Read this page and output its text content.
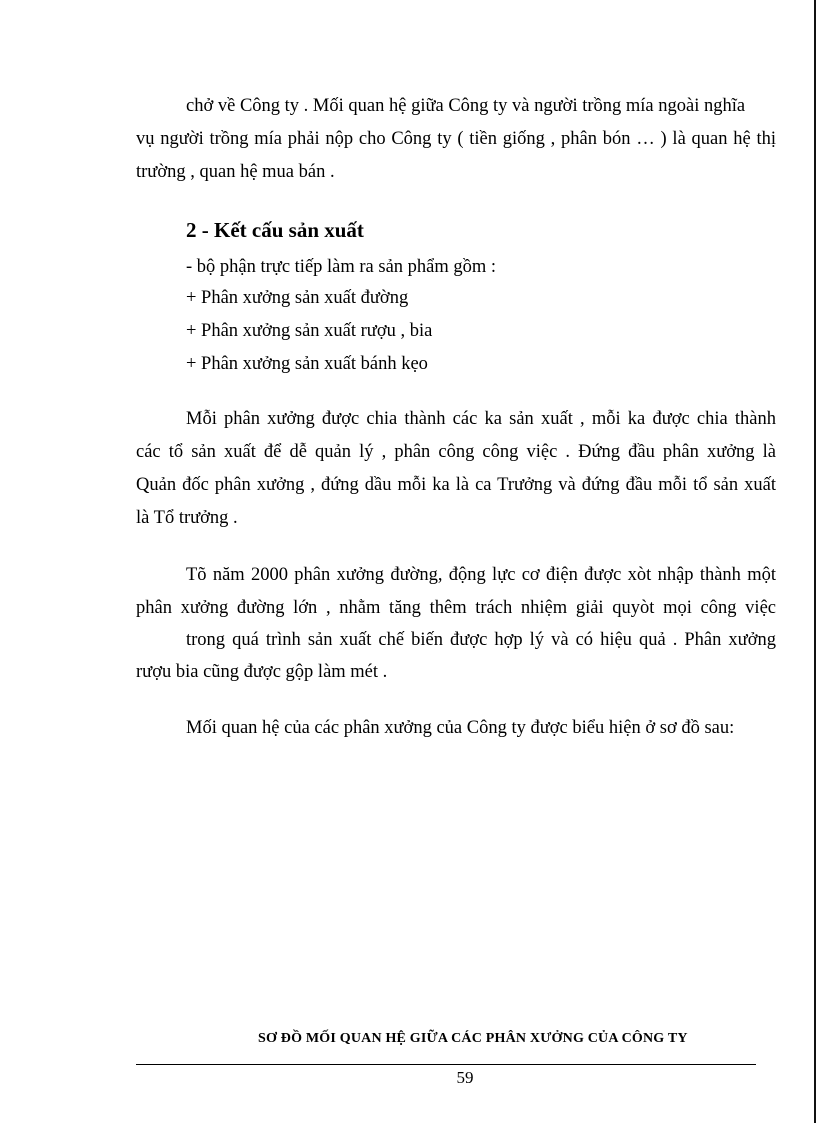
chở về Công ty . Mối quan hệ giữa Công ty và người trồng mía ngoài nghĩa
vụ người trồng mía phải nộp cho Công ty ( tiền giống , phân bón … ) là quan hệ thị
trường , quan hệ mua bán .
2 - Kết cấu sản xuất
- bộ phận trực tiếp làm ra sản phẩm gồm :
+ Phân xưởng sản xuất đường
+ Phân xưởng sản xuất rượu , bia
+ Phân xưởng sản xuất bánh kẹo
Mỗi phân xưởng được chia thành các ka sản xuất , mỗi ka được chia thành
các tổ sản xuất để dễ quản lý , phân công công việc . Đứng đầu phân xưởng là
Quản đốc phân xưởng , đứng dầu mỗi ka là ca Trưởng và đứng đầu mỗi tổ sản xuất
là Tổ trưởng .
Tõ năm 2000 phân xưởng đường, động lực cơ điện được xòt nhập thành một
phân xưởng đường lớn , nhằm tăng thêm trách nhiệm giải quyòt mọi công việc
trong quá trình sản xuất chế biến được hợp lý và có hiệu quả . Phân xưởng
rượu bia cũng được gộp làm mét .
Mối quan hệ của các phân xưởng của Công ty được biểu hiện ở sơ đồ sau:
SƠ ĐỒ MỐI QUAN HỆ GIỮA CÁC PHÂN XƯỞNG CỦA CÔNG TY
59
